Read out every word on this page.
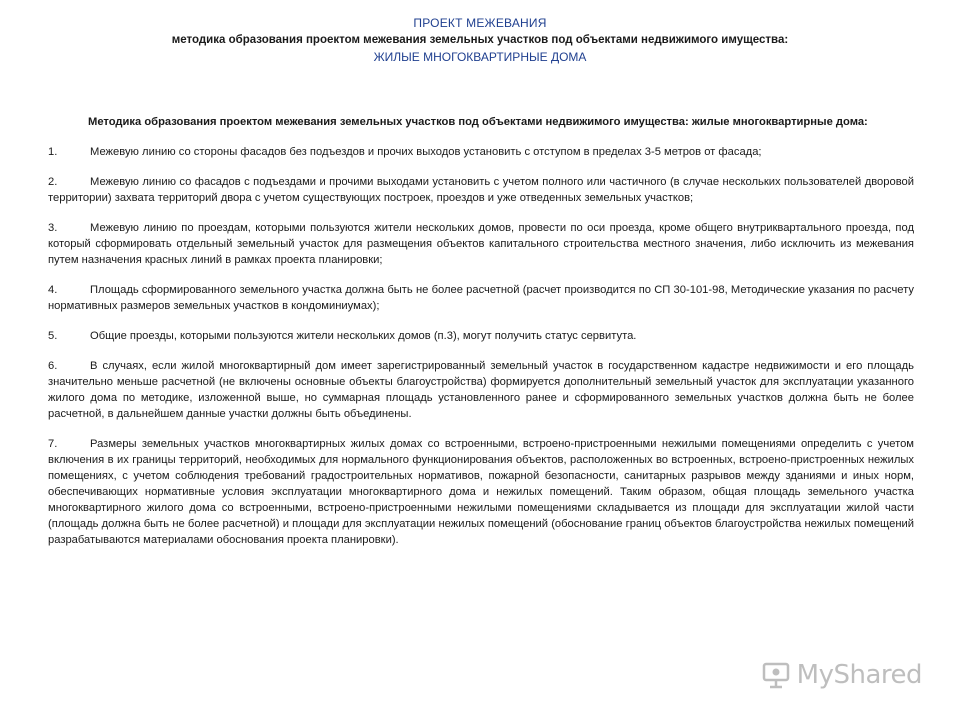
ПРОЕКТ МЕЖЕВАНИЯ
методика образования проектом межевания земельных участков под объектами недвижимого имущества:
ЖИЛЫЕ МНОГОКВАРТИРНЫЕ ДОМА

Методика образования проектом межевания земельных участков под объектами недвижимого имущества: жилые многоквартирные дома:

1.	Межевую линию со стороны фасадов без подъездов и прочих выходов установить с отступом в пределах 3-5 метров от фасада;

2.	Межевую линию со фасадов с подъездами и прочими выходами установить с учетом полного или частичного (в случае нескольких пользователей дворовой территории) захвата территорий двора с учетом существующих построек, проездов и уже отведенных земельных участков;

3.	Межевую линию по проездам, которыми пользуются жители нескольких домов, провести по оси проезда, кроме общего внутриквартального проезда, под который сформировать отдельный земельный участок для размещения объектов капитального строительства местного значения, либо исключить из межевания путем назначения красных линий в рамках проекта планировки;

4.	Площадь сформированного земельного участка должна быть не более расчетной (расчет производится по СП 30-101-98, Методические указания по расчету нормативных размеров земельных участков в кондоминиумах);

5.	Общие проезды, которыми пользуются жители нескольких домов (п.3), могут получить статус сервитута.

6.	В случаях, если жилой многоквартирный дом имеет зарегистрированный земельный участок в государственном кадастре недвижимости и его площадь значительно меньше расчетной (не включены основные объекты благоустройства) формируется дополнительный земельный участок для эксплуатации указанного жилого дома по методике, изложенной выше, но суммарная площадь установленного ранее и сформированного земельных участков должна быть не более расчетной, в дальнейшем данные участки должны быть объединены.

7.	Размеры земельных участков многоквартирных жилых домах со встроенными, встроено-пристроенными нежилыми помещениями определить с учетом включения в их границы территорий, необходимых для нормального функционирования объектов, расположенных во встроенных, встроено-пристроенных нежилых помещениях, с учетом соблюдения требований градостроительных нормативов, пожарной безопасности, санитарных разрывов между зданиями и иных норм, обеспечивающих нормативные условия эксплуатации многоквартирного дома и нежилых помещений. Таким образом, общая площадь земельного участка многоквартирного жилого дома со встроенными, встроено-пристроенными нежилыми помещениями складывается из площади для эксплуатации жилой части (площадь должна быть не более расчетной) и площади для эксплуатации нежилых помещений (обоснование границ объектов благоустройства нежилых помещений разрабатываются материалами обоснования проекта планировки).

MyShared
